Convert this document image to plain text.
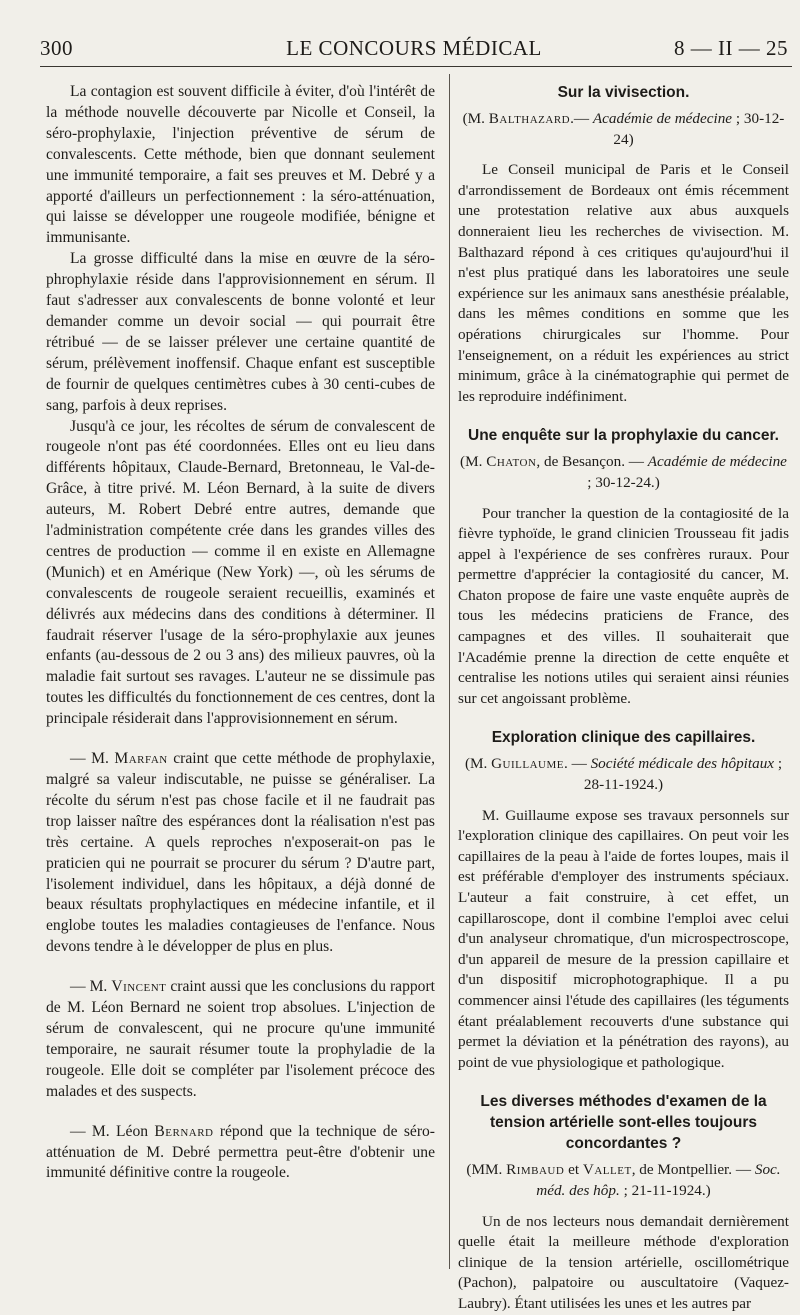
300	LE CONCOURS MÉDICAL	8 — II — 25

La contagion est souvent difficile à éviter, d'où l'intérêt de la méthode nouvelle découverte par Nicolle et Conseil, la séro-prophylaxie, l'injection préventive de sérum de convalescents. Cette méthode, bien que donnant seulement une immunité temporaire, a fait ses preuves et M. Debré y a apporté d'ailleurs un perfectionnement : la séro-atténuation, qui laisse se développer une rougeole modifiée, bénigne et immunisante.

La grosse difficulté dans la mise en œuvre de la séro-phrophylaxie réside dans l'approvisionnement en sérum. Il faut s'adresser aux convalescents de bonne volonté et leur demander comme un devoir social — qui pourrait être rétribué — de se laisser prélever une certaine quantité de sérum, prélèvement inoffensif. Chaque enfant est susceptible de fournir de quelques centimètres cubes à 30 centi-cubes de sang, parfois à deux reprises.

Jusqu'à ce jour, les récoltes de sérum de convalescent de rougeole n'ont pas été coordonnées. Elles ont eu lieu dans différents hôpitaux, Claude-Bernard, Bretonneau, le Val-de-Grâce, à titre privé. M. Léon Bernard, à la suite de divers auteurs, M. Robert Debré entre autres, demande que l'administration compétente crée dans les grandes villes des centres de production — comme il en existe en Allemagne (Munich) et en Amérique (New York) —, où les sérums de convalescents de rougeole seraient recueillis, examinés et délivrés aux médecins dans des conditions à déterminer. Il faudrait réserver l'usage de la séro-prophylaxie aux jeunes enfants (au-dessous de 2 ou 3 ans) des milieux pauvres, où la maladie fait surtout ses ravages. L'auteur ne se dissimule pas toutes les difficultés du fonctionnement de ces centres, dont la principale résiderait dans l'approvisionnement en sérum.

— M. Marfan craint que cette méthode de prophylaxie, malgré sa valeur indiscutable, ne puisse se généraliser. La récolte du sérum n'est pas chose facile et il ne faudrait pas trop laisser naître des espérances dont la réalisation n'est pas très certaine. A quels reproches n'exposerait-on pas le praticien qui ne pourrait se procurer du sérum ? D'autre part, l'isolement individuel, dans les hôpitaux, a déjà donné de beaux résultats prophylactiques en médecine infantile, et il englobe toutes les maladies contagieuses de l'enfance. Nous devons tendre à le développer de plus en plus.

— M. Vincent craint aussi que les conclusions du rapport de M. Léon Bernard ne soient trop absolues. L'injection de sérum de convalescent, qui ne procure qu'une immunité temporaire, ne saurait résumer toute la prophyladie de la rougeole. Elle doit se compléter par l'isolement précoce des malades et des suspects.

— M. Léon Bernard répond que la technique de séro-atténuation de M. Debré permettra peut-être d'obtenir une immunité définitive contre la rougeole.

Sur la vivisection.

(M. Balthazard.— Académie de médecine ; 30-12-24)

Le Conseil municipal de Paris et le Conseil d'arrondissement de Bordeaux ont émis récemment une protestation relative aux abus auxquels donneraient lieu les recherches de vivisection. M. Balthazard répond à ces critiques qu'aujourd'hui il n'est plus pratiqué dans les laboratoires une seule expérience sur les animaux sans anesthésie préalable, dans les mêmes conditions en somme que les opérations chirurgicales sur l'homme. Pour l'enseignement, on a réduit les expériences au strict minimum, grâce à la cinématographie qui permet de les reproduire indéfiniment.

Une enquête sur la prophylaxie du cancer.

(M. Chaton, de Besançon. — Académie de médecine ; 30-12-24.)

Pour trancher la question de la contagiosité de la fièvre typhoïde, le grand clinicien Trousseau fit jadis appel à l'expérience de ses confrères ruraux. Pour permettre d'apprécier la contagiosité du cancer, M. Chaton propose de faire une vaste enquête auprès de tous les médecins praticiens de France, des campagnes et des villes. Il souhaiterait que l'Académie prenne la direction de cette enquête et centralise les notions utiles qui seraient ainsi réunies sur cet angoissant problème.

Exploration clinique des capillaires.

(M. Guillaume. — Société médicale des hôpitaux ; 28-11-1924.)

M. Guillaume expose ses travaux personnels sur l'exploration clinique des capillaires. On peut voir les capillaires de la peau à l'aide de fortes loupes, mais il est préférable d'employer des instruments spéciaux. L'auteur a fait construire, à cet effet, un capillaroscope, dont il combine l'emploi avec celui d'un analyseur chromatique, d'un microspectroscope, d'un appareil de mesure de la pression capillaire et d'un dispositif microphotographique. Il a pu commencer ainsi l'étude des capillaires (les téguments étant préalablement recouverts d'une substance qui permet la déviation et la pénétration des rayons), au point de vue physiologique et pathologique.

Les diverses méthodes d'examen de la tension artérielle sont-elles toujours concordantes ?

(MM. Rimbaud et Vallet, de Montpellier. — Soc. méd. des hôp. ; 21-11-1924.)

Un de nos lecteurs nous demandait dernièrement quelle était la meilleure méthode d'exploration clinique de la tension artérielle, oscillométrique (Pachon), palpatoire ou auscultatoire (Vaquez-Laubry). Étant utilisées les unes et les autres par
